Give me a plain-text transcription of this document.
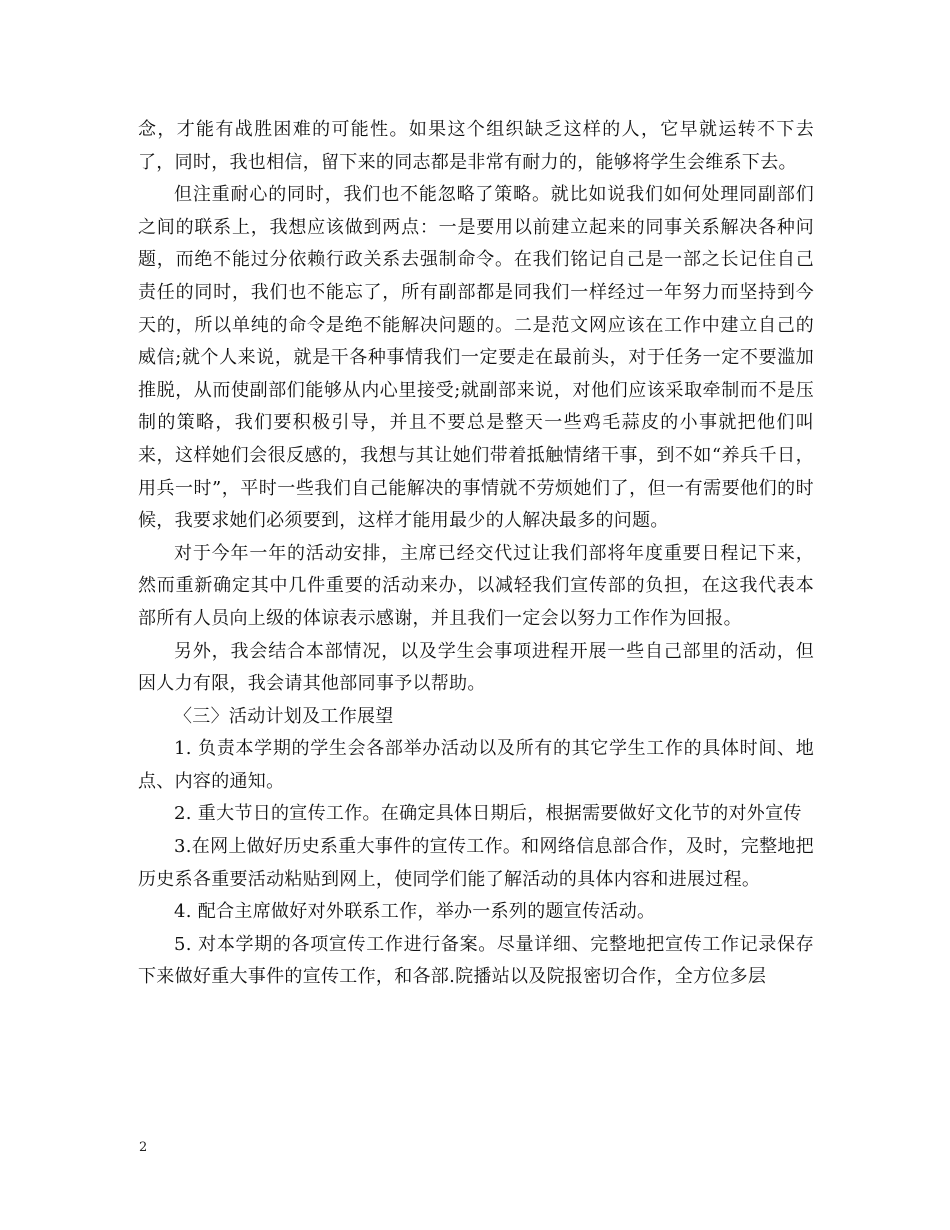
念，才能有战胜困难的可能性。如果这个组织缺乏这样的人，它早就运转不下去了，同时，我也相信，留下来的同志都是非常有耐力的，能够将学生会维系下去。

但注重耐心的同时，我们也不能忽略了策略。就比如说我们如何处理同副部们之间的联系上，我想应该做到两点：一是要用以前建立起来的同事关系解决各种问题，而绝不能过分依赖行政关系去强制命令。在我们铭记自己是一部之长记住自己责任的同时，我们也不能忘了，所有副部都是同我们一样经过一年努力而坚持到今天的，所以单纯的命令是绝不能解决问题的。二是范文网应该在工作中建立自己的威信;就个人来说，就是干各种事情我们一定要走在最前头，对于任务一定不要滥加推脱，从而使副部们能够从内心里接受;就副部来说，对他们应该采取牵制而不是压制的策略，我们要积极引导，并且不要总是整天一些鸡毛蒜皮的小事就把他们叫来，这样她们会很反感的，我想与其让她们带着抵触情绪干事，到不如“养兵千日，用兵一时”，平时一些我们自己能解决的事情就不劳烦她们了，但一有需要他们的时候，我要求她们必须要到，这样才能用最少的人解决最多的问题。

对于今年一年的活动安排，主席已经交代过让我们部将年度重要日程记下来，然而重新确定其中几件重要的活动来办，以减轻我们宣传部的负担，在这我代表本部所有人员向上级的体谅表示感谢，并且我们一定会以努力工作作为回报。

另外，我会结合本部情况，以及学生会事项进程开展一些自己部里的活动，但因人力有限，我会请其他部同事予以帮助。

〈三〉活动计划及工作展望

1. 负责本学期的学生会各部举办活动以及所有的其它学生工作的具体时间、地点、内容的通知。

2. 重大节日的宣传工作。在确定具体日期后，根据需要做好文化节的对外宣传

3.在网上做好历史系重大事件的宣传工作。和网络信息部合作，及时，完整地把历史系各重要活动粘贴到网上，使同学们能了解活动的具体内容和进展过程。

4. 配合主席做好对外联系工作，举办一系列的题宣传活动。

5. 对本学期的各项宣传工作进行备案。尽量详细、完整地把宣传工作记录保存下来做好重大事件的宣传工作，和各部.院播站以及院报密切合作，全方位多层

2
